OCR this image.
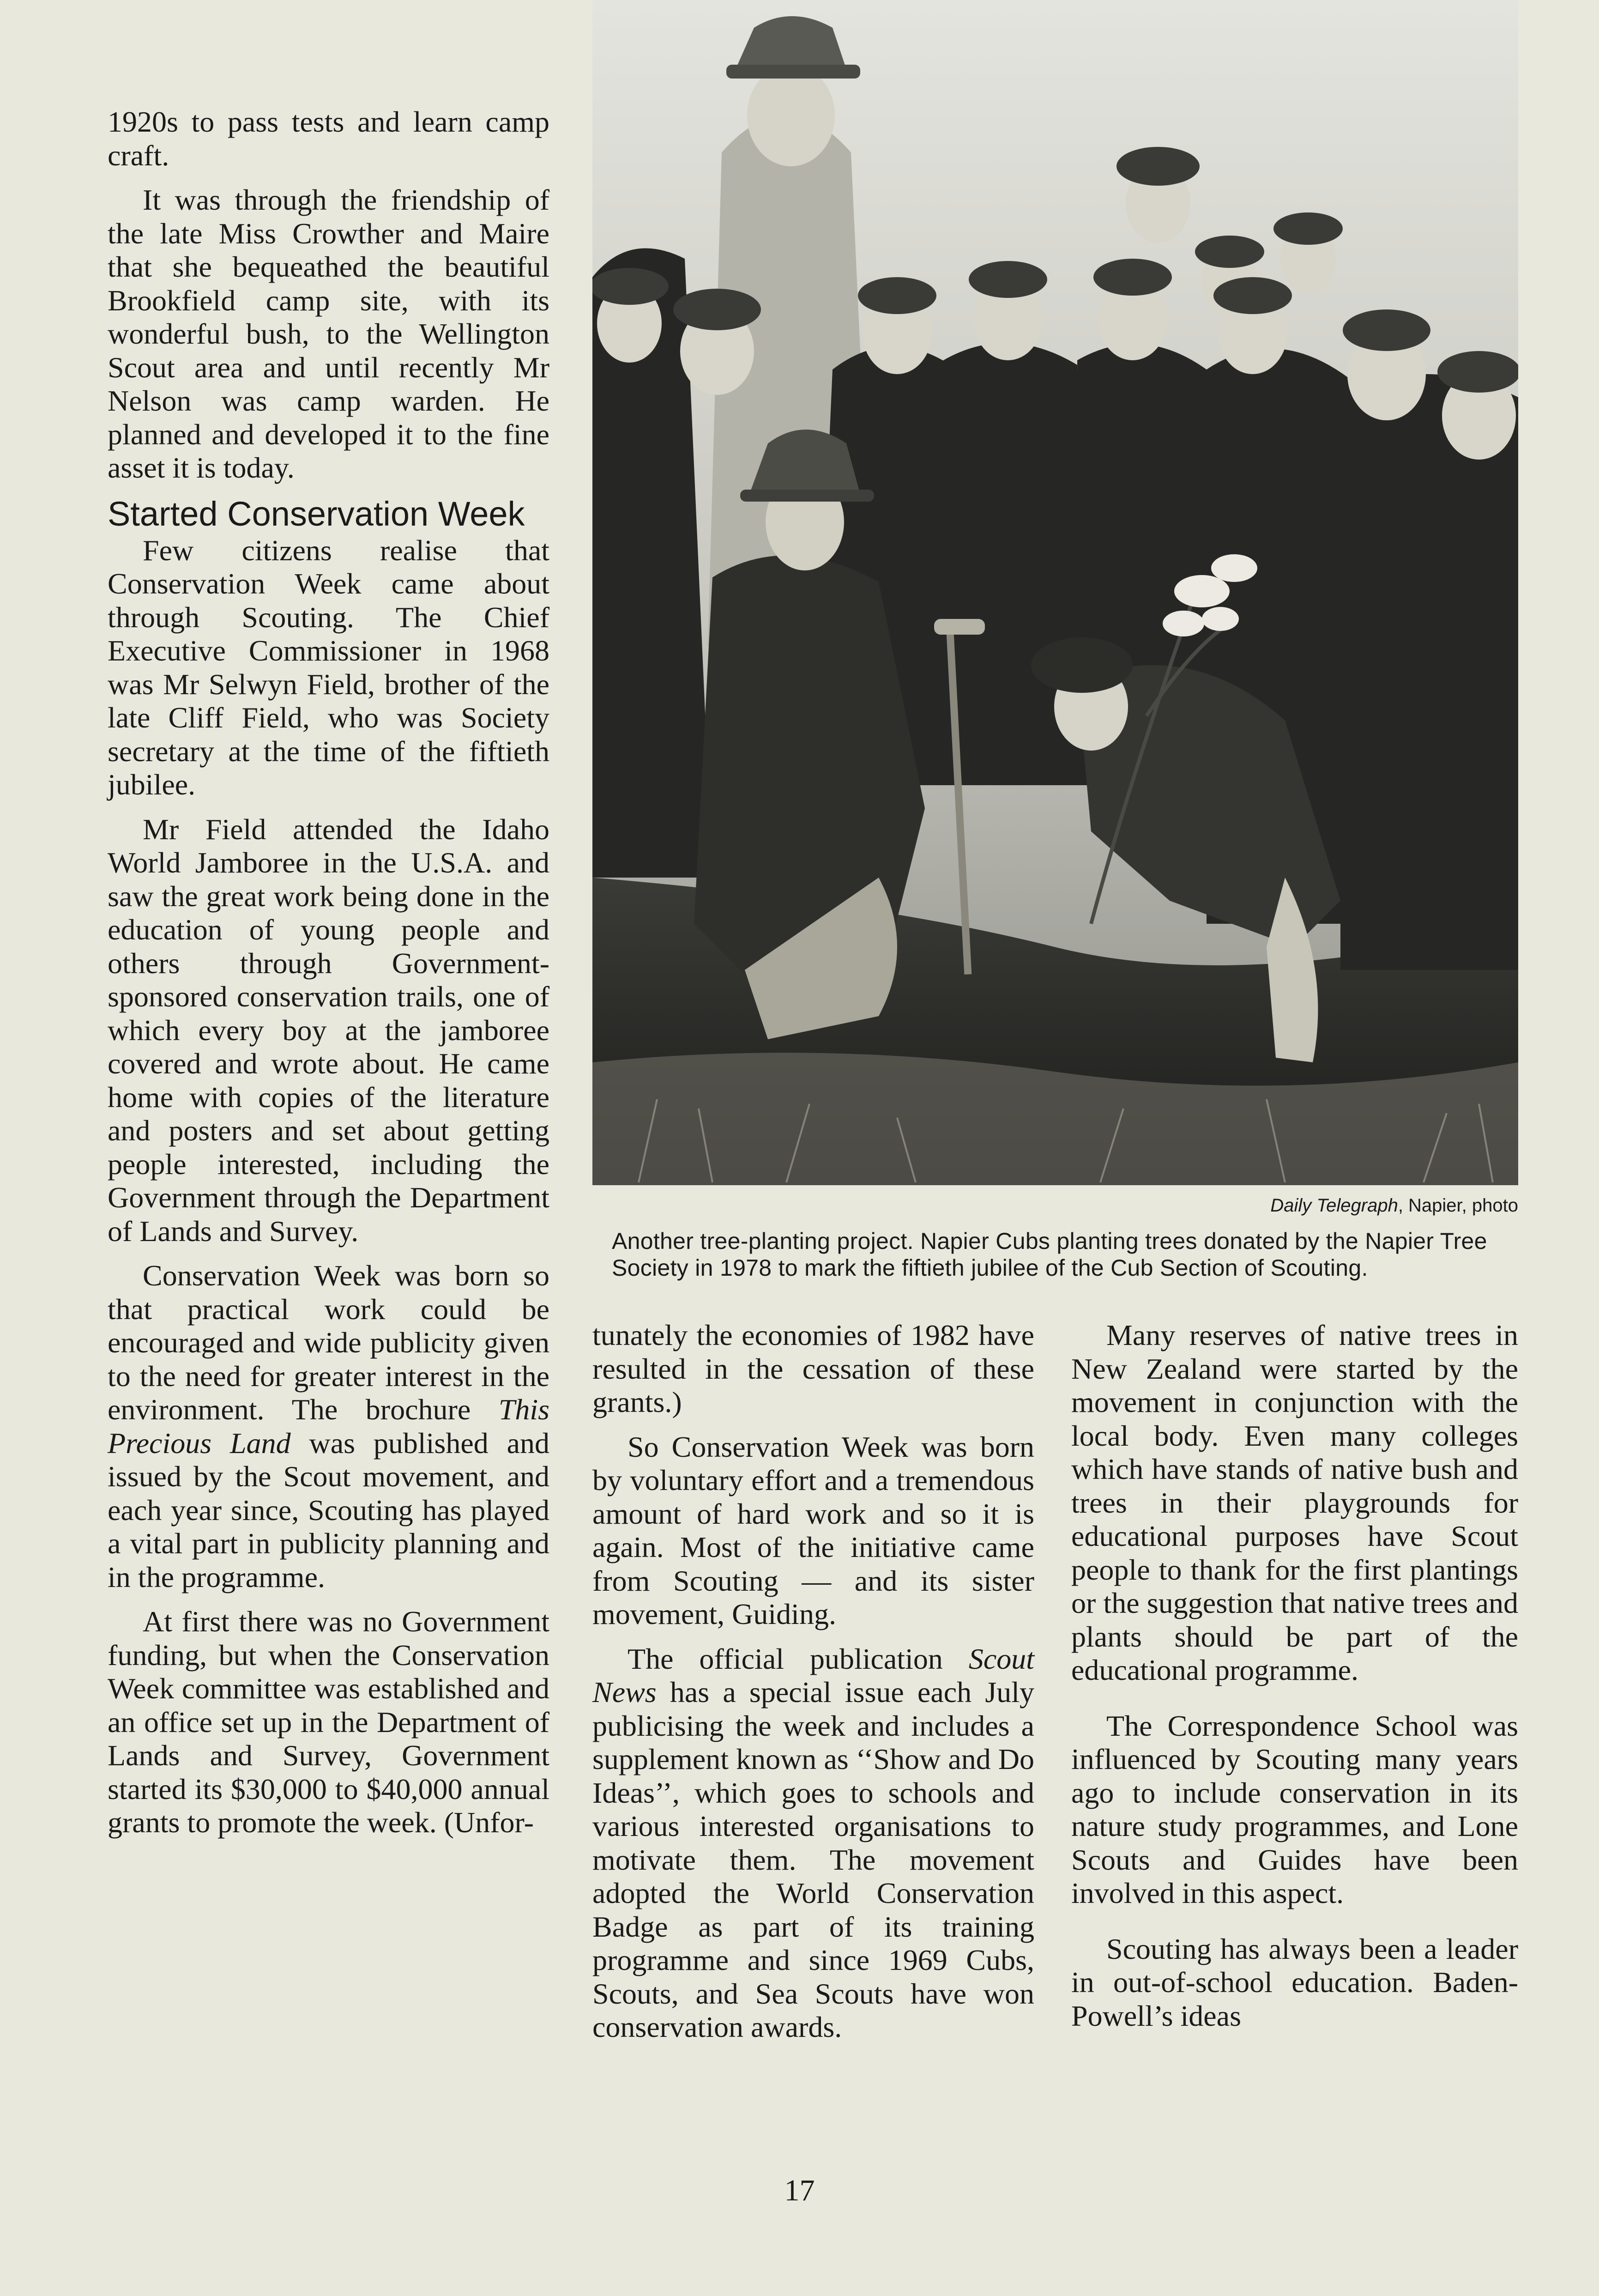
1920s to pass tests and learn camp craft.

It was through the friendship of the late Miss Crowther and Maire that she bequeathed the beautiful Brookfield camp site, with its wonderful bush, to the Wellington Scout area and until recently Mr Nelson was camp warden. He planned and developed it to the fine asset it is today.

Started Conservation Week

Few citizens realise that Conservation Week came about through Scouting. The Chief Executive Commissioner in 1968 was Mr Selwyn Field, brother of the late Cliff Field, who was Society secretary at the time of the fiftieth jubilee.

Mr Field attended the Idaho World Jamboree in the U.S.A. and saw the great work being done in the education of young people and others through Government-sponsored conservation trails, one of which every boy at the jamboree covered and wrote about. He came home with copies of the literature and posters and set about getting people interested, including the Government through the Department of Lands and Survey.

Conservation Week was born so that practical work could be encouraged and wide publicity given to the need for greater interest in the environment. The brochure This Precious Land was published and issued by the Scout movement, and each year since, Scouting has played a vital part in publicity planning and in the programme.

At first there was no Government funding, but when the Conservation Week committee was established and an office set up in the Department of Lands and Survey, Government started its $30,000 to $40,000 annual grants to promote the week. (Unfor-

Daily Telegraph, Napier, photo
Another tree-planting project. Napier Cubs planting trees donated by the Napier Tree Society in 1978 to mark the fiftieth jubilee of the Cub Section of Scouting.

tunately the economies of 1982 have resulted in the cessation of these grants.)

So Conservation Week was born by voluntary effort and a tremendous amount of hard work and so it is again. Most of the initiative came from Scouting — and its sister movement, Guiding.

The official publication Scout News has a special issue each July publicising the week and includes a supplement known as ‘‘Show and Do Ideas’’, which goes to schools and various interested organisations to motivate them. The movement adopted the World Conservation Badge as part of its training programme and since 1969 Cubs, Scouts, and Sea Scouts have won conservation awards.

Many reserves of native trees in New Zealand were started by the movement in conjunction with the local body. Even many colleges which have stands of native bush and trees in their playgrounds for educational purposes have Scout people to thank for the first plantings or the suggestion that native trees and plants should be part of the educational programme.

The Correspondence School was influenced by Scouting many years ago to include conservation in its nature study programmes, and Lone Scouts and Guides have been involved in this aspect.

Scouting has always been a leader in out-of-school education. Baden-Powell’s ideas

17
